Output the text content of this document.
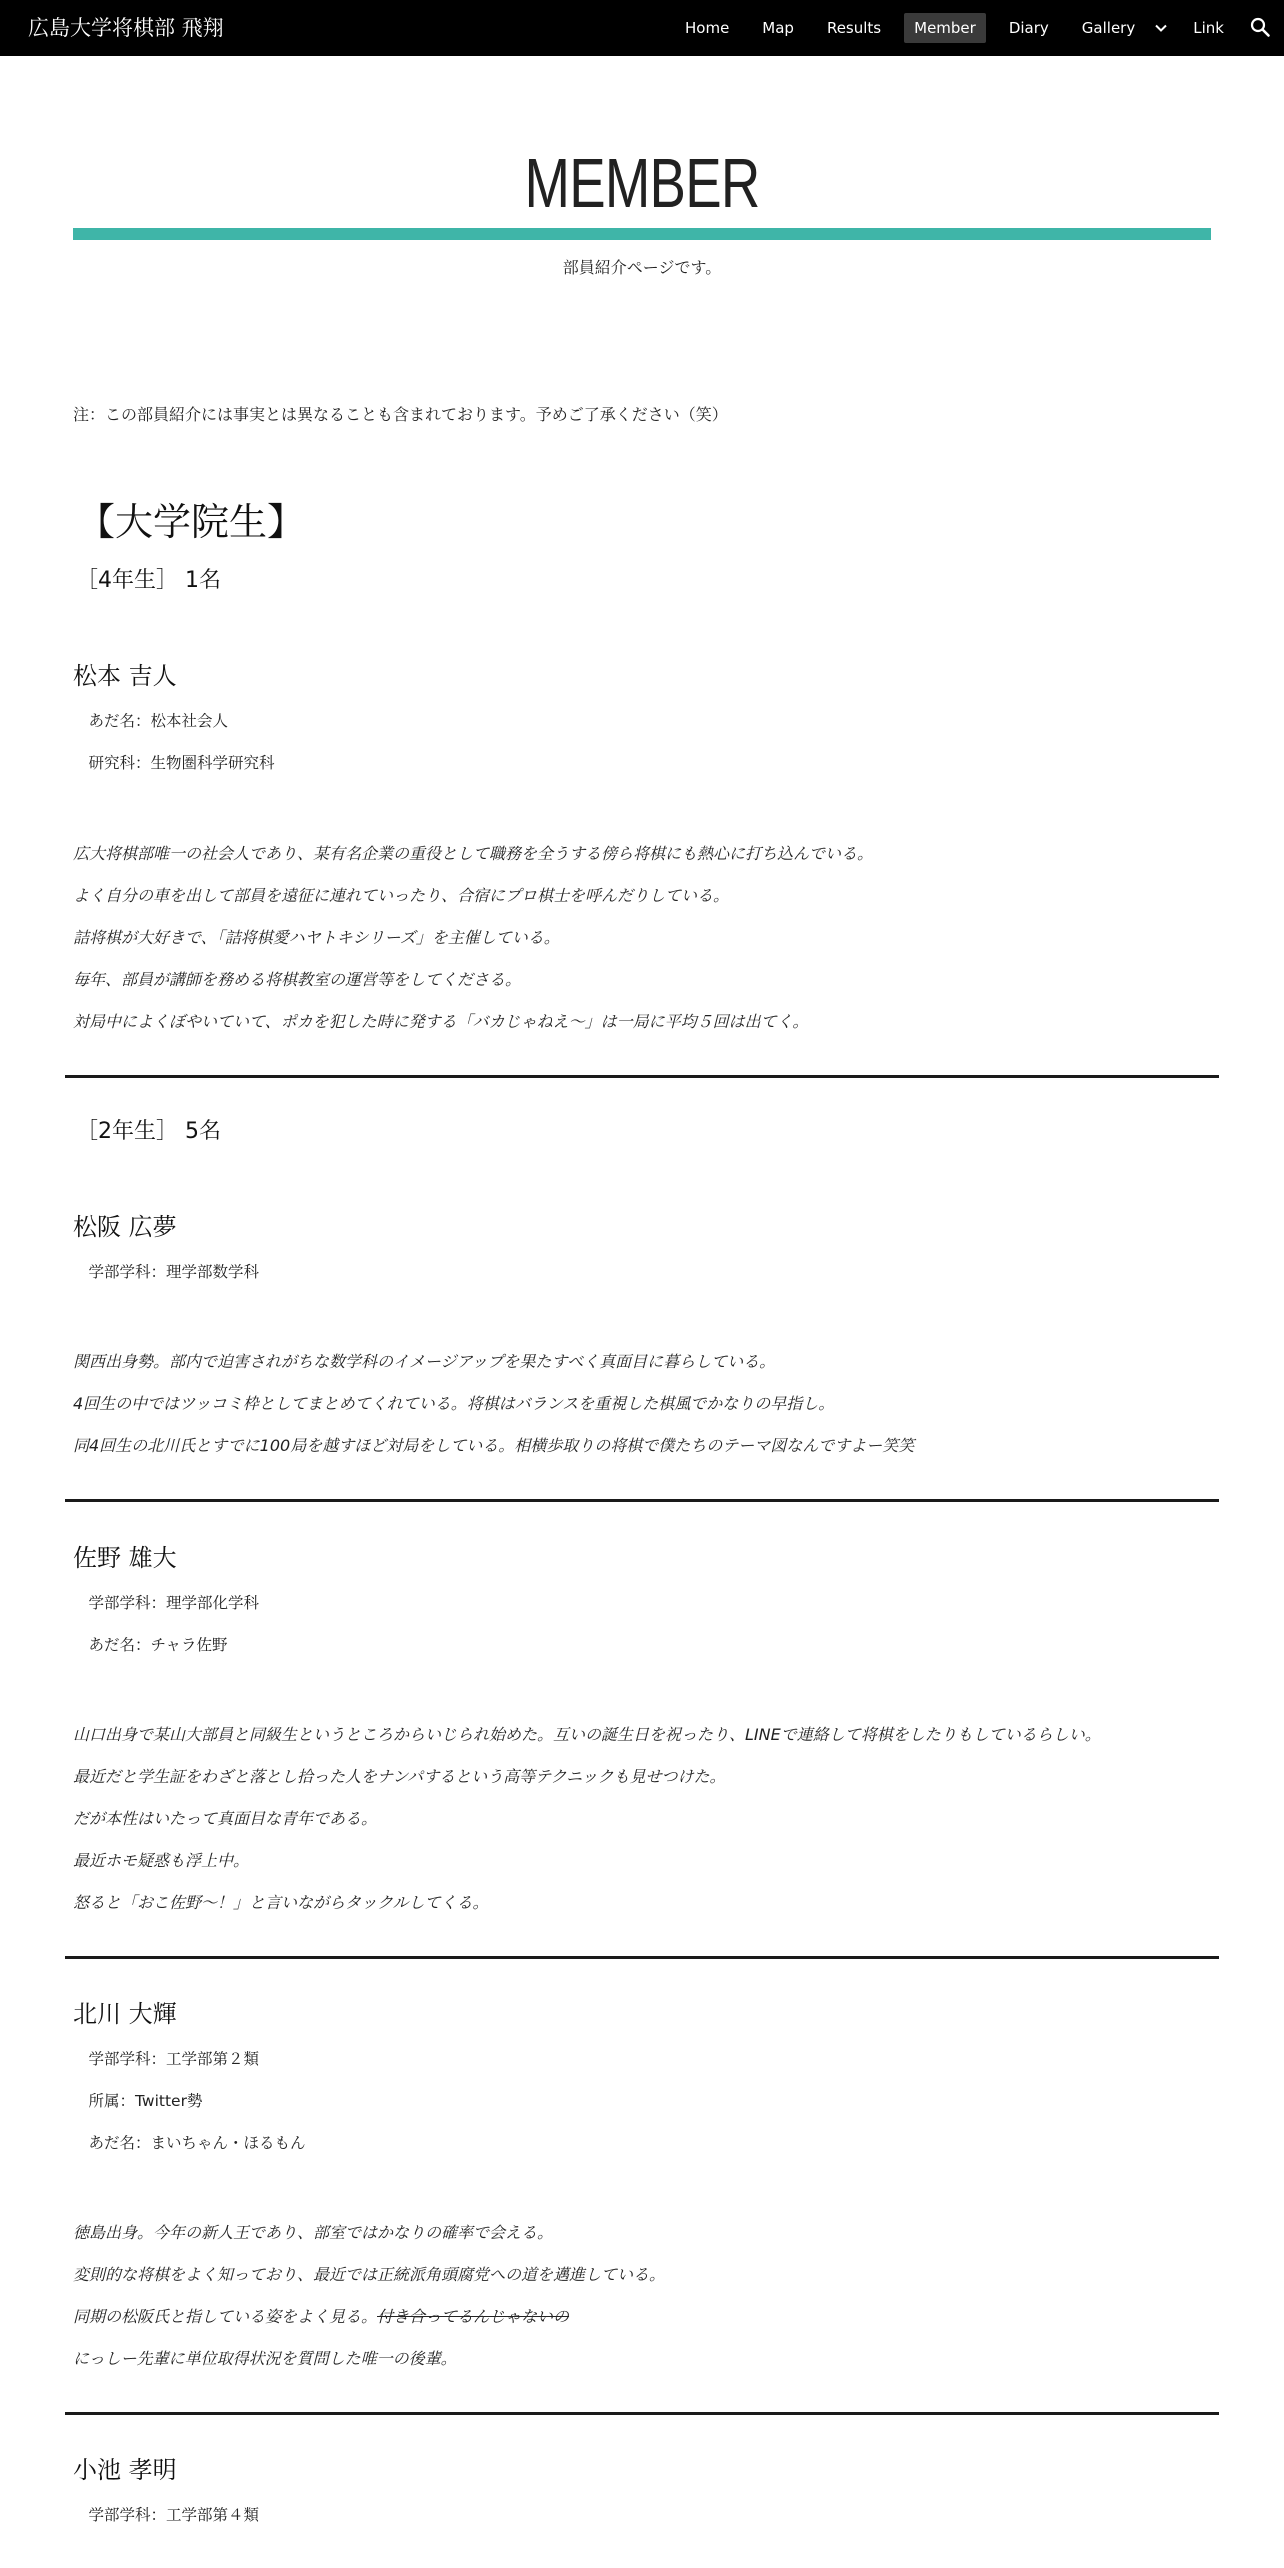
広島大学将棋部 飛翔	Home	Map	Results	Member	Diary	Gallery	Link
MEMBER
部員紹介ページです。
注：この部員紹介には事実とは異なることも含まれております。予めご了承ください（笑）
【大学院生】
［4年生］ 1名
松本 吉人
　あだ名：松本社会人
　研究科：生物圏科学研究科
広大将棋部唯一の社会人であり、某有名企業の重役として職務を全うする傍ら将棋にも熱心に打ち込んでいる。
よく自分の車を出して部員を遠征に連れていったり、合宿にプロ棋士を呼んだりしている。
詰将棋が大好きで、「詰将棋愛ハヤトキシリーズ」を主催している。
毎年、部員が講師を務める将棋教室の運営等をしてくださる。
対局中によくぼやいていて、ポカを犯した時に発する「バカじゃねえ～」は一局に平均５回は出てく。
［2年生］ 5名
松阪 広夢
　学部学科：理学部数学科
関西出身勢。部内で迫害されがちな数学科のイメージアップを果たすべく真面目に暮らしている。
4回生の中ではツッコミ枠としてまとめてくれている。将棋はバランスを重視した棋風でかなりの早指し。
同4回生の北川氏とすでに100局を越すほど対局をしている。相横歩取りの将棋で僕たちのテーマ図なんですよー笑笑
佐野 雄大
　学部学科：理学部化学科
　あだ名：チャラ佐野
山口出身で某山大部員と同級生というところからいじられ始めた。互いの誕生日を祝ったり、LINEで連絡して将棋をしたりもしているらしい。
最近だと学生証をわざと落とし拾った人をナンパするという高等テクニックも見せつけた。
だが本性はいたって真面目な青年である。
最近ホモ疑惑も浮上中。
怒ると「おこ佐野～！」と言いながらタックルしてくる。
北川 大輝
　学部学科：工学部第２類
　所属：Twitter勢
　あだ名：まいちゃん・ほるもん
徳島出身。今年の新人王であり、部室ではかなりの確率で会える。
変則的な将棋をよく知っており、最近では正統派角頭腐党への道を邁進している。
同期の松阪氏と指している姿をよく見る。付き合ってるんじゃないの
にっしー先輩に単位取得状況を質問した唯一の後輩。
小池 孝明
　学部学科：工学部第４類
